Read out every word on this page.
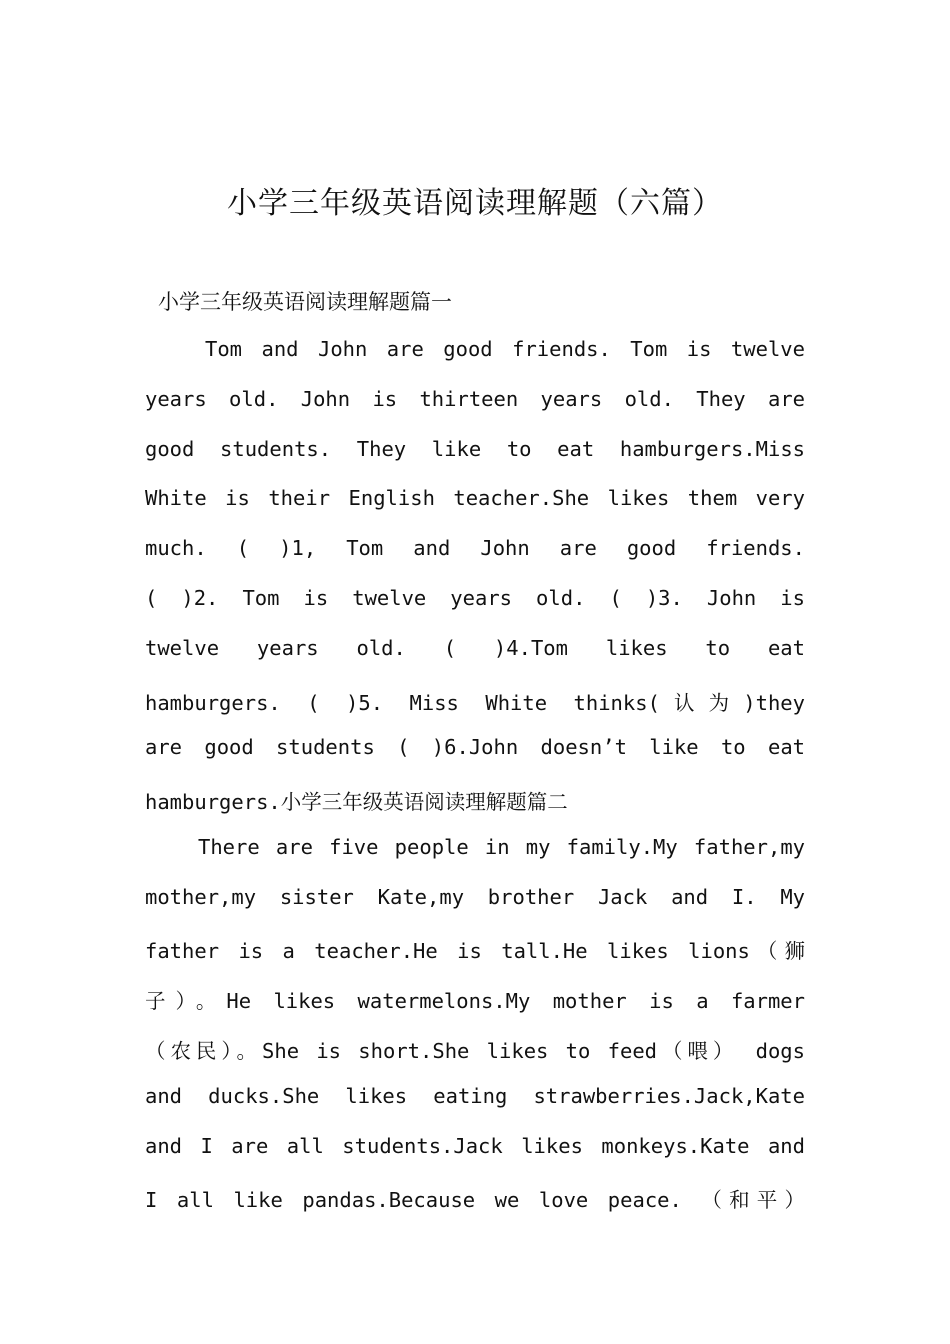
小学三年级英语阅读理解题（六篇）
小学三年级英语阅读理解题篇一
Tom and John are good friends. Tom is twelve
years old. John is thirteen years old. They are
good students. They like to eat hamburgers.Miss
White is their English teacher.She likes them very
much. ( )1, Tom and John are good friends.
( )2. Tom is twelve years old. ( )3. John is
twelve years old. ( )4.Tom likes to eat
hamburgers. ( )5. Miss White thinks(认为)they
are good students ( )6.John doesn’t like to eat
hamburgers.小学三年级英语阅读理解题篇二
There are five people in my family.My father,my
mother,my sister Kate,my brother Jack and I. My
father is a teacher.He is tall.He likes lions（狮
子）。He likes watermelons.My mother is a farmer
（农民）。She is short.She likes to feed（喂） dogs
and ducks.She likes eating strawberries.Jack,Kate
and I are all students.Jack likes monkeys.Kate and
I all like pandas.Because we love peace. （和平）
